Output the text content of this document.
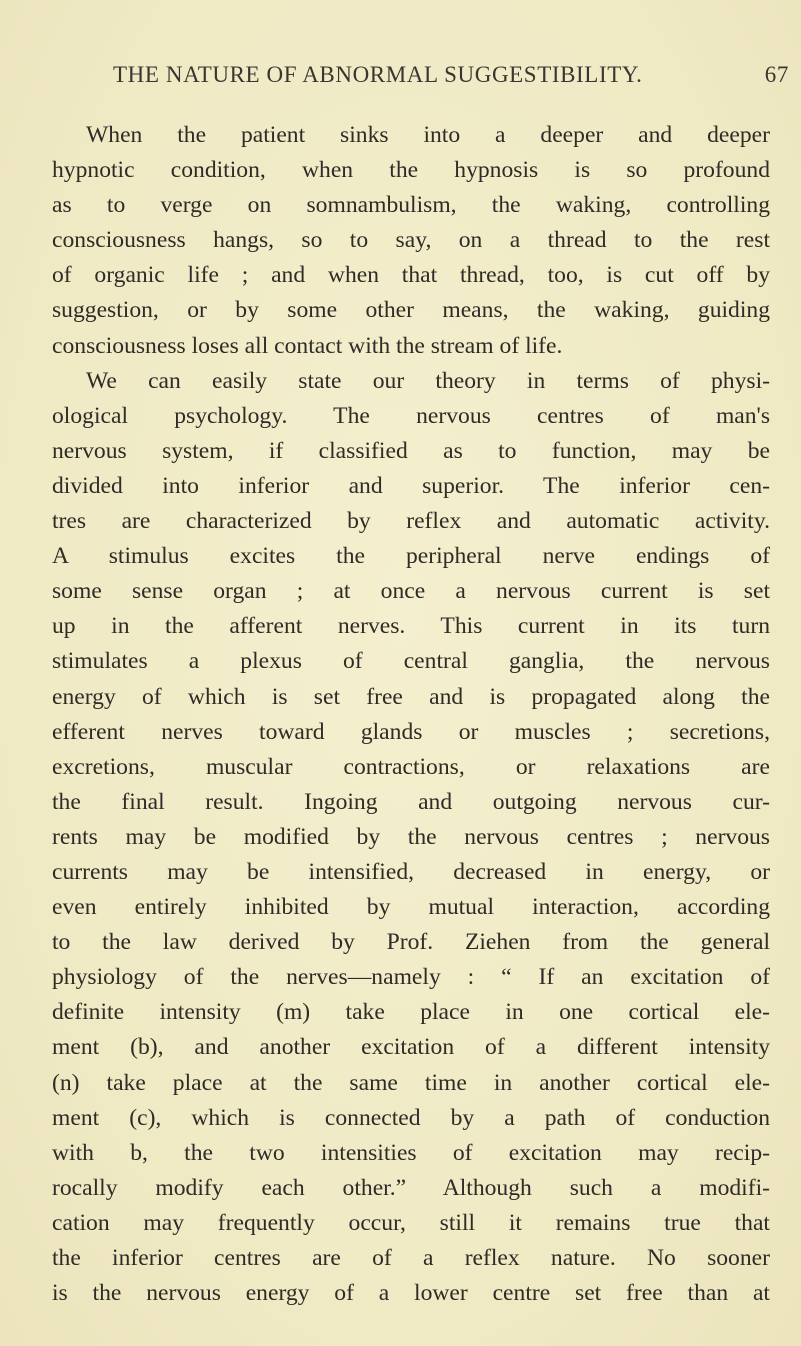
THE NATURE OF ABNORMAL SUGGESTIBILITY.	67
When the patient sinks into a deeper and deeper
hypnotic condition, when the hypnosis is so profound
as to verge on somnambulism, the waking, controlling
consciousness hangs, so to say, on a thread to the rest
of organic life ; and when that thread, too, is cut off by
suggestion, or by some other means, the waking, guiding
consciousness loses all contact with the stream of life.
We can easily state our theory in terms of physi-
ological psychology. The nervous centres of man's
nervous system, if classified as to function, may be
divided into inferior and superior. The inferior cen-
tres are characterized by reflex and automatic activity.
A stimulus excites the peripheral nerve endings of
some sense organ ; at once a nervous current is set
up in the afferent nerves. This current in its turn
stimulates a plexus of central ganglia, the nervous
energy of which is set free and is propagated along the
efferent nerves toward glands or muscles ; secretions,
excretions, muscular contractions, or relaxations are
the final result. Ingoing and outgoing nervous cur-
rents may be modified by the nervous centres ; nervous
currents may be intensified, decreased in energy, or
even entirely inhibited by mutual interaction, according
to the law derived by Prof. Ziehen from the general
physiology of the nerves—namely : “ If an excitation of
definite intensity (m) take place in one cortical ele-
ment (b), and another excitation of a different intensity
(n) take place at the same time in another cortical ele-
ment (c), which is connected by a path of conduction
with b, the two intensities of excitation may recip-
rocally modify each other.” Although such a modifi-
cation may frequently occur, still it remains true that
the inferior centres are of a reflex nature. No sooner
is the nervous energy of a lower centre set free than at
